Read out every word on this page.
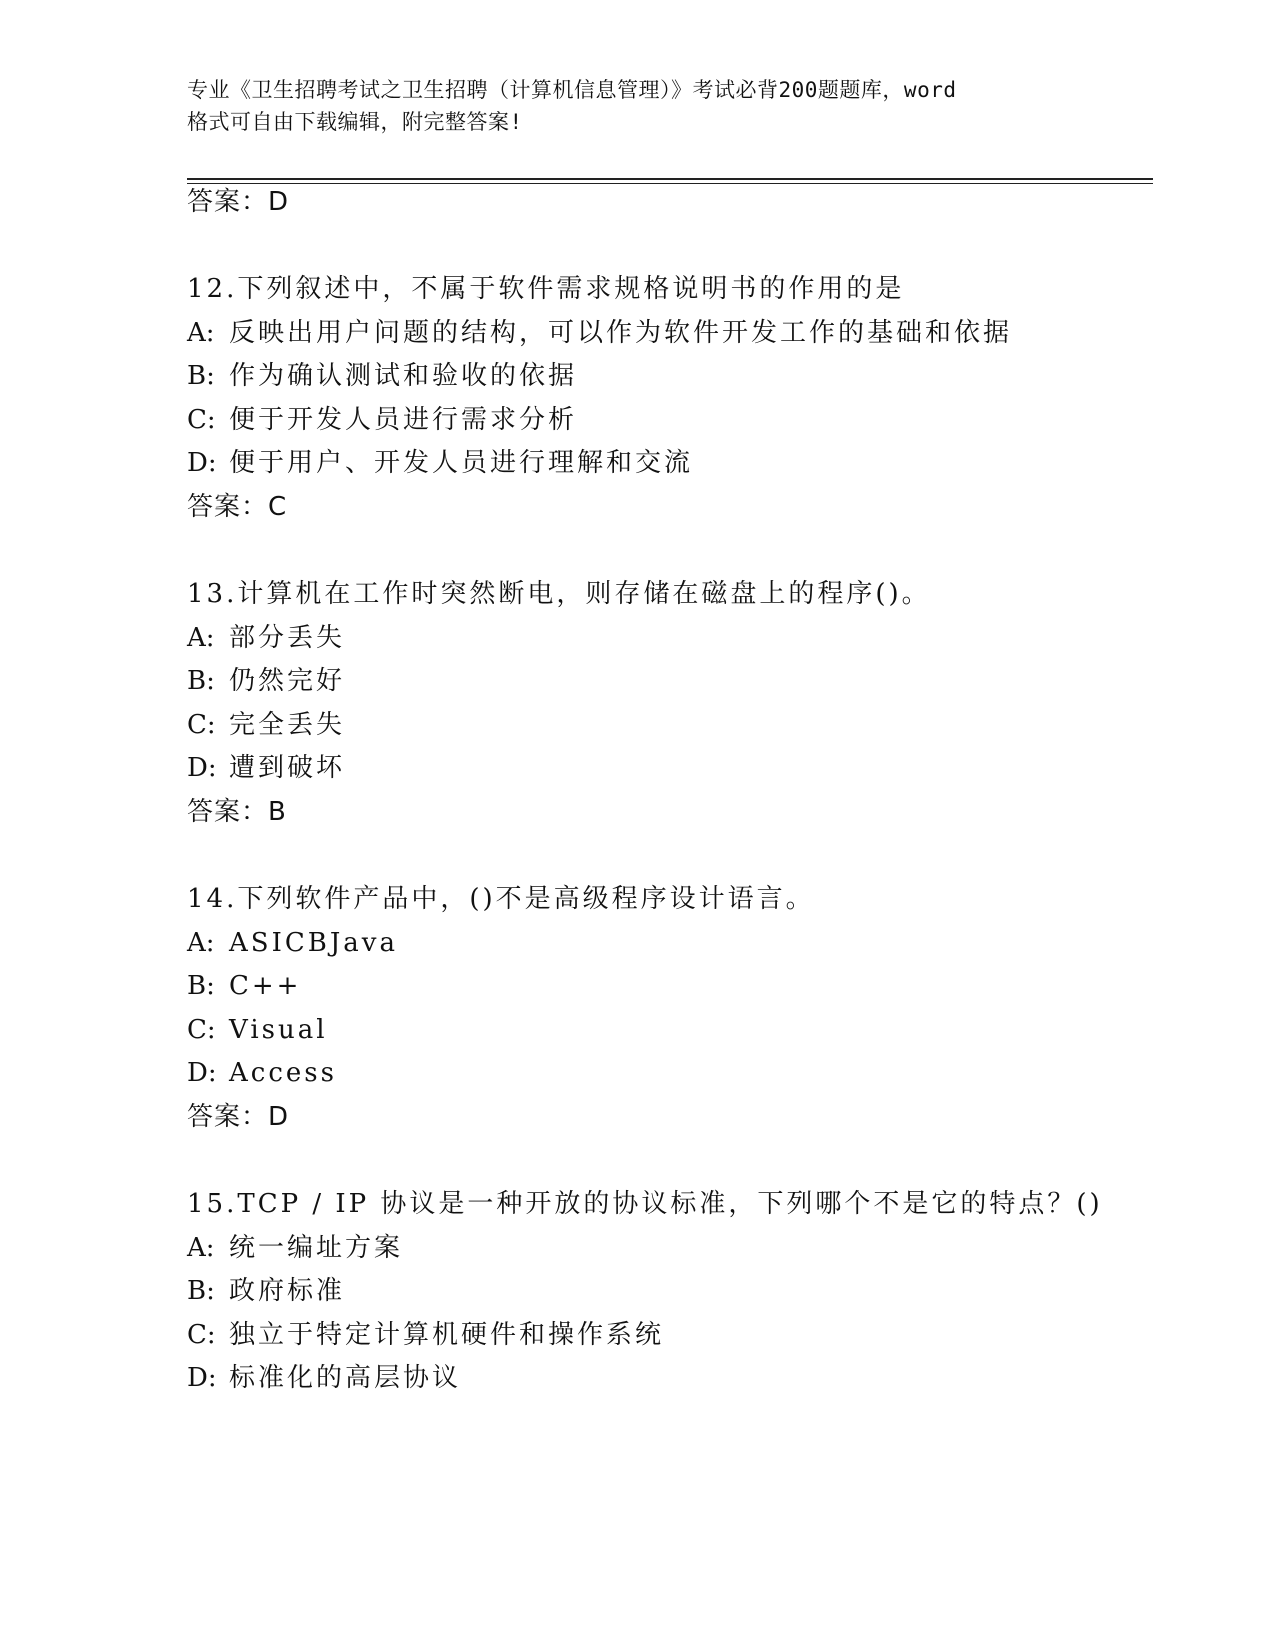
专业《卫生招聘考试之卫生招聘（计算机信息管理）》考试必背200题题库，word
格式可自由下载编辑，附完整答案!
答案：D
12.下列叙述中，不属于软件需求规格说明书的作用的是
A: 反映出用户问题的结构，可以作为软件开发工作的基础和依据
B: 作为确认测试和验收的依据
C: 便于开发人员进行需求分析
D: 便于用户、开发人员进行理解和交流
答案：C
13.计算机在工作时突然断电，则存储在磁盘上的程序()。
A: 部分丢失
B: 仍然完好
C: 完全丢失
D: 遭到破坏
答案：B
14.下列软件产品中，()不是高级程序设计语言。
A: ASICBJava
B: C++
C: Visual
D: Access
答案：D
15.TCP / IP 协议是一种开放的协议标准，下列哪个不是它的特点？()
A: 统一编址方案
B: 政府标准
C: 独立于特定计算机硬件和操作系统
D: 标准化的高层协议
